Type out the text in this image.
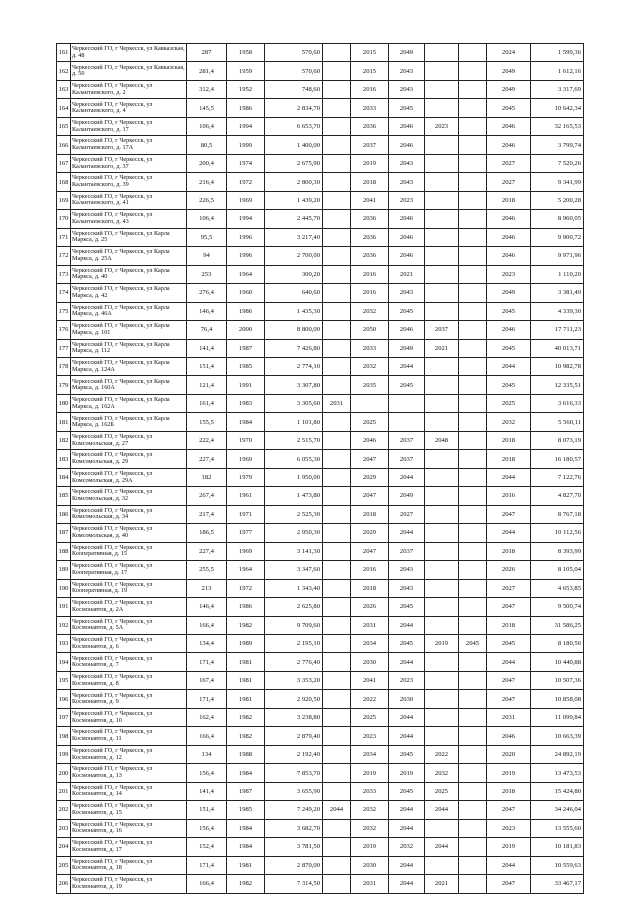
161	Черкесский ГО, г Черкесск, ул Кавказская, д. 48	287	1958	570,60		2015	2049			2024	1 599,36
162	Черкесский ГО, г Черкесск, ул Кавказская, д. 50	281,4	1959	570,60		2015	2043			2049	1 612,16
163	Черкесский ГО, г Черкесск, ул Калантаевского, д. 2	312,4	1952	748,60		2016	2043			2049	3 317,69
164	Черкесский ГО, г Черкесск, ул Калантаевского, д. 4	145,5	1986	2 834,70		2033	2045			2045	10 642,34
165	Черкесский ГО, г Черкесск, ул Калантаевского, д. 17	106,4	1994	6 653,70		2036	2046	2023		2046	32 165,53
166	Черкесский ГО, г Черкесск, ул Калантаевского, д. 17А	80,5	1999	1 400,00		2037	2046			2046	3 799,74
167	Черкесский ГО, г Черкесск, ул Калантаевского, д. 37	200,4	1974	2 675,90		2019	2043			2027	7 520,26
168	Черкесский ГО, г Черкесск, ул Калантаевского, д. 39	216,4	1972	2 800,30		2018	2043			2027	9 341,99
169	Черкесский ГО, г Черкесск, ул Калантаевского, д. 41	226,5	1969	1 439,20		2041	2023			2018	5 200,28
170	Черкесский ГО, г Черкесск, ул Калантаевского, д. 43	106,4	1994	2 445,70		2036	2046			2046	8 960,05
171	Черкесский ГО, г Черкесск, ул Карла Маркса, д. 25	95,5	1996	3 217,40		2036	2046			2046	9 900,72
172	Черкесский ГО, г Черкесск, ул Карла Маркса, д. 25А	94	1996	2 700,00		2036	2046			2046	9 971,96
173	Черкесский ГО, г Черкесск, ул Карла Маркса, д. 40	253	1964	300,20		2016	2021			2023	1 110,20
174	Черкесский ГО, г Черкесск, ул Карла Маркса, д. 42	276,4	1960	640,60		2016	2043			2049	3 381,49
175	Черкесский ГО, г Черкесск, ул Карла Маркса, д. 46А	146,4	1986	1 435,30		2032	2045			2045	4 339,30
176	Черкесский ГО, г Черкесск, ул Карла Маркса, д. 101	76,4	2000	8 800,00		2050	2046	2037		2046	17 711,23
177	Черкесский ГО, г Черкесск, ул Карла Маркса, д. 112	141,4	1987	7 426,80		2033	2049	2021		2045	40 013,71
178	Черкесский ГО, г Черкесск, ул Карла Маркса, д. 124А	151,4	1985	2 774,10		2032	2044			2044	10 982,78
179	Черкесский ГО, г Черкесск, ул Карла Маркса, д. 160А	121,4	1991	3 307,80		2035	2045			2045	12 335,51
180	Черкесский ГО, г Черкесск, ул Карла Маркса, д. 162А	161,4	1983	3 305,60	2031					2025	3 616,33
181	Черкесский ГО, г Черкесск, ул Карла Маркса, д. 162Б	155,5	1984	1 101,80		2025				2032	5 560,11
182	Черкесский ГО, г Черкесск, ул Комсомольская, д. 27	222,4	1970	2 515,70		2046	2037	2048		2018	8 073,19
183	Черкесский ГО, г Черкесск, ул Комсомольская, д. 29	227,4	1969	6 055,30		2047	2037			2018	16 180,57
184	Черкесский ГО, г Черкесск, ул Комсомольская, д. 29А	182	1979	1 950,00		2029	2044			2044	7 122,76
185	Черкесский ГО, г Черкесск, ул Комсомольская, д. 32	267,4	1961	1 473,80		2047	2049			2016	4 827,70
186	Черкесский ГО, г Черкесск, ул Комсомольская, д. 34	217,4	1971	2 525,30		2018	2027			2047	8 767,18
187	Черкесский ГО, г Черкесск, ул Комсомольская, д. 40	186,5	1977	2 950,30		2029	2044			2044	10 112,56
188	Черкесский ГО, г Черкесск, ул Кооперативная, д. 15	227,4	1969	3 141,30		2047	2037			2018	8 393,99
189	Черкесский ГО, г Черкесск, ул Кооперативная, д. 17	255,5	1964	3 347,60		2016	2043			2026	8 105,04
190	Черкесский ГО, г Черкесск, ул Кооперативная, д. 19	213	1972	1 343,40		2018	2043			2027	4 653,85
191	Черкесский ГО, г Черкесск, ул Космонавтов, д. 2А	146,4	1986	2 625,80		2026	2045			2047	9 500,74
192	Черкесский ГО, г Черкесск, ул Космонавтов, д. 5А	166,4	1982	9 709,60		2031	2044			2018	31 586,25
193	Черкесский ГО, г Черкесск, ул Космонавтов, д. 6	134,4	1989	2 195,10		2034	2045	2019	2045	2045	8 180,56
194	Черкесский ГО, г Черкесск, ул Космонавтов, д. 7	171,4	1981	2 776,40		2030	2044			2044	10 440,88
195	Черкесский ГО, г Черкесск, ул Космонавтов, д. 8	167,4	1981	3 353,20		2041	2023			2047	10 507,36
196	Черкесский ГО, г Черкесск, ул Космонавтов, д. 9	171,4	1981	2 920,50		2022	2030			2047	10 858,08
197	Черкесский ГО, г Черкесск, ул Космонавтов, д. 10	162,4	1982	3 238,80		2025	2044			2031	11 099,84
198	Черкесский ГО, г Черкесск, ул Космонавтов, д. 11	166,4	1982	2 879,40		2023	2044			2046	10 663,39
199	Черкесский ГО, г Черкесск, ул Космонавтов, д. 12	134	1988	2 192,40		2034	2045	2022		2020	24 892,19
200	Черкесский ГО, г Черкесск, ул Космонавтов, д. 13	156,4	1984	7 853,70		2019	2019	2032		2019	13 473,53
201	Черкесский ГО, г Черкесск, ул Космонавтов, д. 14	141,4	1987	3 655,90		2033	2045	2025		2018	15 424,80
202	Черкесский ГО, г Черкесск, ул Космонавтов, д. 15	151,4	1985	7 249,20	2044	2032	2044	2044		2047	34 246,04
203	Черкесский ГО, г Черкесск, ул Космонавтов, д. 16	156,4	1984	3 682,70		2032	2044			2023	13 555,60
204	Черкесский ГО, г Черкесск, ул Космонавтов, д. 17	152,4	1984	3 781,50		2019	2032	2044		2019	10 181,83
205	Черкесский ГО, г Черкесск, ул Космонавтов, д. 18	171,4	1981	2 870,00		2030	2044			2044	10 559,63
206	Черкесский ГО, г Черкесск, ул Космонавтов, д. 19	166,4	1982	7 314,50		2031	2044	2021		2047	33 467,17
